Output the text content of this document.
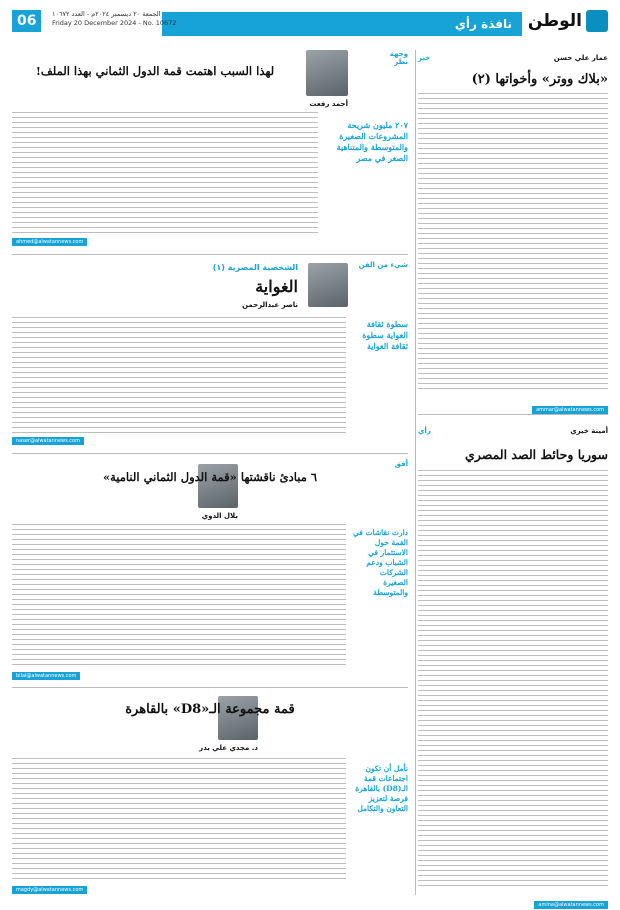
الوطن
نافذة رأي
الجمعة ٢٠ ديسمبر ٢٠٢٤م - العدد ١٠٦٧٢
Friday 20 December 2024 - No. 10672
06
عمار علي حسن
خبر
«بلاك ووتر» وأخواتها (٢)
ammar@alwatannews.com
أمينة خيري
رأي
سوريا وحائط الصد المصري
amina@alwatannews.com
وجهة نظر
لهذا السبب اهتمت قمة الدول الثماني بهذا الملف!
أحمد رفعت
٢٠٧ مليون شريحة المشروعات الصغيرة والمتوسطة والمتناهية الصغر في مصر
ahmed@alwatannews.com
شيء من الفن
الشخصية المصرية (١)
الغواية
ناصر عبدالرحمن
سطوة ثقافة الغواية سطوة ثقافة الغواية
naser@alwatannews.com
أفق
٦ مبادئ ناقشتها «قمة الدول الثماني النامية»
بلال الدوي
دارت نقاشات في القمة حول الاستثمار في الشباب ودعم الشركات الصغيرة والمتوسطة
bilal@alwatannews.com
قمة مجموعة الـ«D8» بالقاهرة
د. مجدي علي بدر
نأمل أن تكون اجتماعات قمة الـ(D8) بالقاهرة فرصة لتعزيز التعاون والتكامل
magdy@alwatannews.com
